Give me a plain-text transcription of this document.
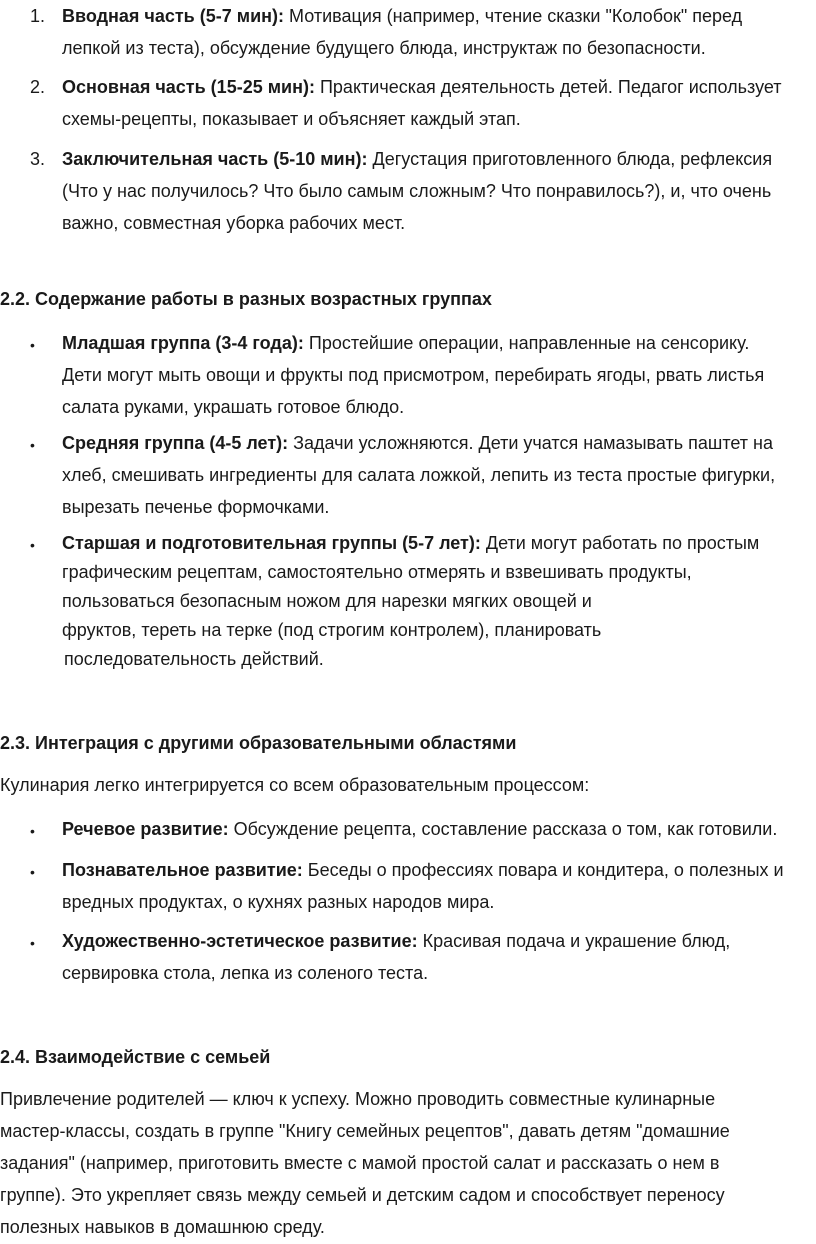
1. Вводная часть (5-7 мин): Мотивация (например, чтение сказки "Колобок" перед
лепкой из теста), обсуждение будущего блюда, инструктаж по безопасности.
2. Основная часть (15-25 мин): Практическая деятельность детей. Педагог использует
схемы-рецепты, показывает и объясняет каждый этап.
3. Заключительная часть (5-10 мин): Дегустация приготовленного блюда, рефлексия
(Что у нас получилось? Что было самым сложным? Что понравилось?), и, что очень
важно, совместная уборка рабочих мест.
2.2. Содержание работы в разных возрастных группах
• Младшая группа (3-4 года): Простейшие операции, направленные на сенсорику.
Дети могут мыть овощи и фрукты под присмотром, перебирать ягоды, рвать листья
салата руками, украшать готовое блюдо.
• Средняя группа (4-5 лет): Задачи усложняются. Дети учатся намазывать паштет на
хлеб, смешивать ингредиенты для салата ложкой, лепить из теста простые фигурки,
вырезать печенье формочками.
• Старшая и подготовительная группы (5-7 лет): Дети могут работать по простым
графическим рецептам, самостоятельно отмерять и взвешивать продукты,
пользоваться безопасным ножом для нарезки мягких овощей и
фруктов, тереть на терке (под строгим контролем), планировать
последовательность действий.
2.3. Интеграция с другими образовательными областями

Кулинария легко интегрируется со всем образовательным процессом:

• Речевое развитие: Обсуждение рецепта, составление рассказа о том, как готовили.
• Познавательное развитие: Беседы о профессиях повара и кондитера, о полезных и
вредных продуктах, о кухнях разных народов мира.
• Художественно-эстетическое развитие: Красивая подача и украшение блюд,
сервировка стола, лепка из соленого теста.
2.4. Взаимодействие с семьей
Привлечение родителей — ключ к успеху. Можно проводить совместные кулинарные
мастер-классы, создать в группе "Книгу семейных рецептов", давать детям "домашние
задания" (например, приготовить вместе с мамой простой салат и рассказать о нем в
группе). Это укрепляет связь между семьей и детским садом и способствует переносу
полезных навыков в домашнюю среду.
